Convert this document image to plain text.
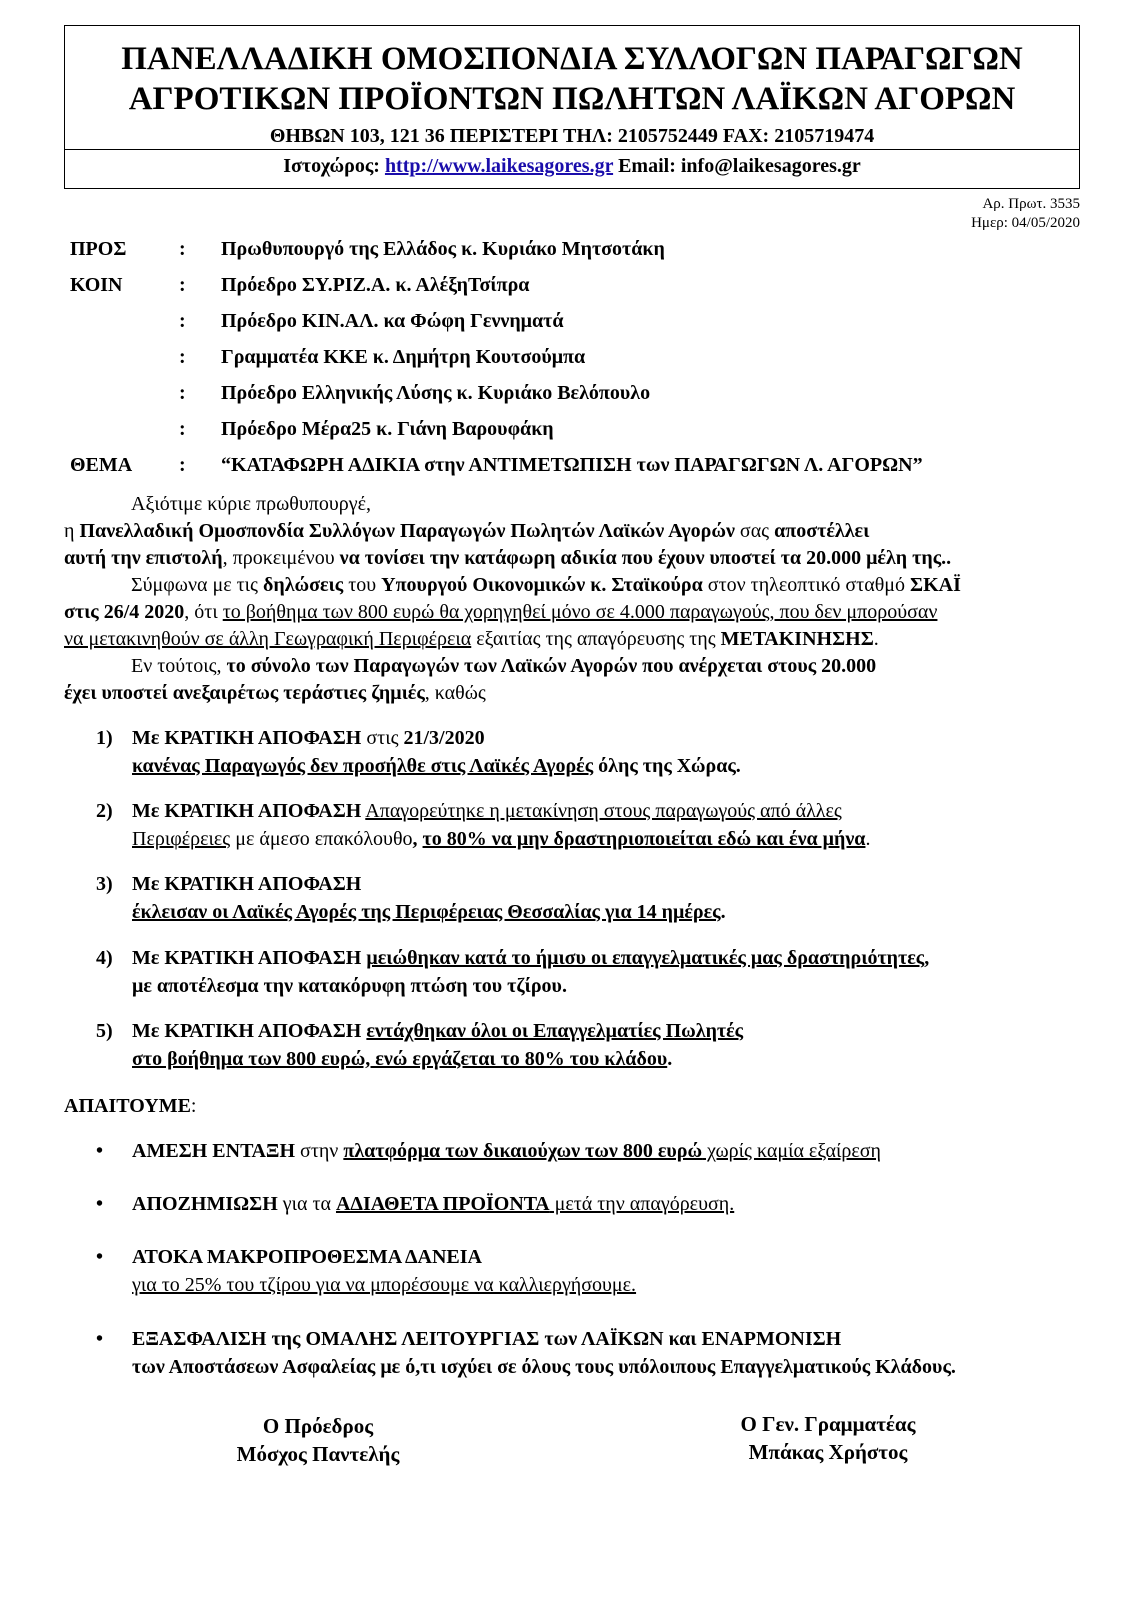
ΠΑΝΕΛΛΑΔΙΚΗ ΟΜΟΣΠΟΝΔΙΑ ΣΥΛΛΟΓΩΝ ΠΑΡΑΓΩΓΩΝ
ΑΓΡΟΤΙΚΩΝ ΠΡΟΪΟΝΤΩΝ ΠΩΛΗΤΩΝ ΛΑΪΚΩΝ ΑΓΟΡΩΝ
ΘΗΒΩΝ 103, 121 36 ΠΕΡΙΣΤΕΡΙ ΤΗΛ: 2105752449 FAX: 2105719474
Ιστοχώρος: http://www.laikesagores.gr Email: info@laikesagores.gr
Αρ. Πρωτ. 3535
Ημερ: 04/05/2020
ΠΡΟΣ	: Πρωθυπουργό της Ελλάδος κ. Κυριάκο Μητσοτάκη
ΚΟΙΝ	: Πρόεδρο ΣΥ.ΡΙΖ.Α. κ. ΑλέξηΤσίπρα
: Πρόεδρο ΚΙΝ.ΑΛ. κα Φώφη Γεννηματά
: Γραμματέα ΚΚΕ κ. Δημήτρη Κουτσούμπα
: Πρόεδρο Ελληνικής Λύσης κ. Κυριάκο Βελόπουλο
: Πρόεδρο Μέρα25 κ. Γιάνη Βαρουφάκη
ΘΕΜΑ	: “ΚΑΤΑΦΩΡΗ ΑΔΙΚΙΑ στην ΑΝΤΙΜΕΤΩΠΙΣΗ των ΠΑΡΑΓΩΓΩΝ Λ. ΑΓΟΡΩΝ”
Αξιότιμε κύριε πρωθυπουργέ,
η Πανελλαδική Ομοσπονδία Συλλόγων Παραγωγών Πωλητών Λαϊκών Αγορών σας αποστέλλει
αυτή την επιστολή, προκειμένου να τονίσει την κατάφωρη αδικία που έχουν υποστεί τα 20.000 μέλη της..
Σύμφωνα με τις δηλώσεις του Υπουργού Οικονομικών κ. Σταϊκούρα στον τηλεοπτικό σταθμό ΣΚΑΪ
στις 26/4 2020, ότι το βοήθημα των 800 ευρώ θα χορηγηθεί μόνο σε 4.000 παραγωγούς, που δεν μπορούσαν
να μετακινηθούν σε άλλη Γεωγραφική Περιφέρεια εξαιτίας της απαγόρευσης της ΜΕΤΑΚΙΝΗΣΗΣ.
Εν τούτοις, το σύνολο των Παραγωγών των Λαϊκών Αγορών που ανέρχεται στους 20.000
έχει υποστεί ανεξαιρέτως τεράστιες ζημιές, καθώς
1) Με ΚΡΑΤΙΚΗ ΑΠΟΦΑΣΗ στις 21/3/2020
κανένας Παραγωγός δεν προσήλθε στις Λαϊκές Αγορές όλης της Χώρας.
2) Με ΚΡΑΤΙΚΗ ΑΠΟΦΑΣΗ Απαγορεύτηκε η μετακίνηση στους παραγωγούς από άλλες
Περιφέρειες με άμεσο επακόλουθο, το 80% να μην δραστηριοποιείται εδώ και ένα μήνα.
3) Με ΚΡΑΤΙΚΗ ΑΠΟΦΑΣΗ
έκλεισαν οι Λαϊκές Αγορές της Περιφέρειας Θεσσαλίας για 14 ημέρες.
4) Με ΚΡΑΤΙΚΗ ΑΠΟΦΑΣΗ μειώθηκαν κατά το ήμισυ οι επαγγελματικές μας δραστηριότητες,
με αποτέλεσμα την κατακόρυφη πτώση του τζίρου.
5) Με ΚΡΑΤΙΚΗ ΑΠΟΦΑΣΗ εντάχθηκαν όλοι οι Επαγγελματίες Πωλητές
στο βοήθημα των 800 ευρώ, ενώ εργάζεται το 80% του κλάδου.
ΑΠΑΙΤΟΥΜΕ:
• ΑΜΕΣΗ ΕΝΤΑΞΗ στην πλατφόρμα των δικαιούχων των 800 ευρώ χωρίς καμία εξαίρεση
• ΑΠΟΖΗΜΙΩΣΗ για τα ΑΔΙΑΘΕΤΑ ΠΡΟΪΟΝΤΑ μετά την απαγόρευση.
• ΑΤΟΚΑ ΜΑΚΡΟΠΡΟΘΕΣΜΑ ΔΑΝΕΙΑ
για το 25% του τζίρου για να μπορέσουμε να καλλιεργήσουμε.
• ΕΞΑΣΦΑΛΙΣΗ της ΟΜΑΛΗΣ ΛΕΙΤΟΥΡΓΙΑΣ των ΛΑΪΚΩΝ και ΕΝΑΡΜΟΝΙΣΗ
των Αποστάσεων Ασφαλείας με ό,τι ισχύει σε όλους τους υπόλοιπους Επαγγελματικούς Κλάδους.
Ο Πρόεδρος
Μόσχος Παντελής
Ο Γεν. Γραμματέας
Μπάκας Χρήστος
